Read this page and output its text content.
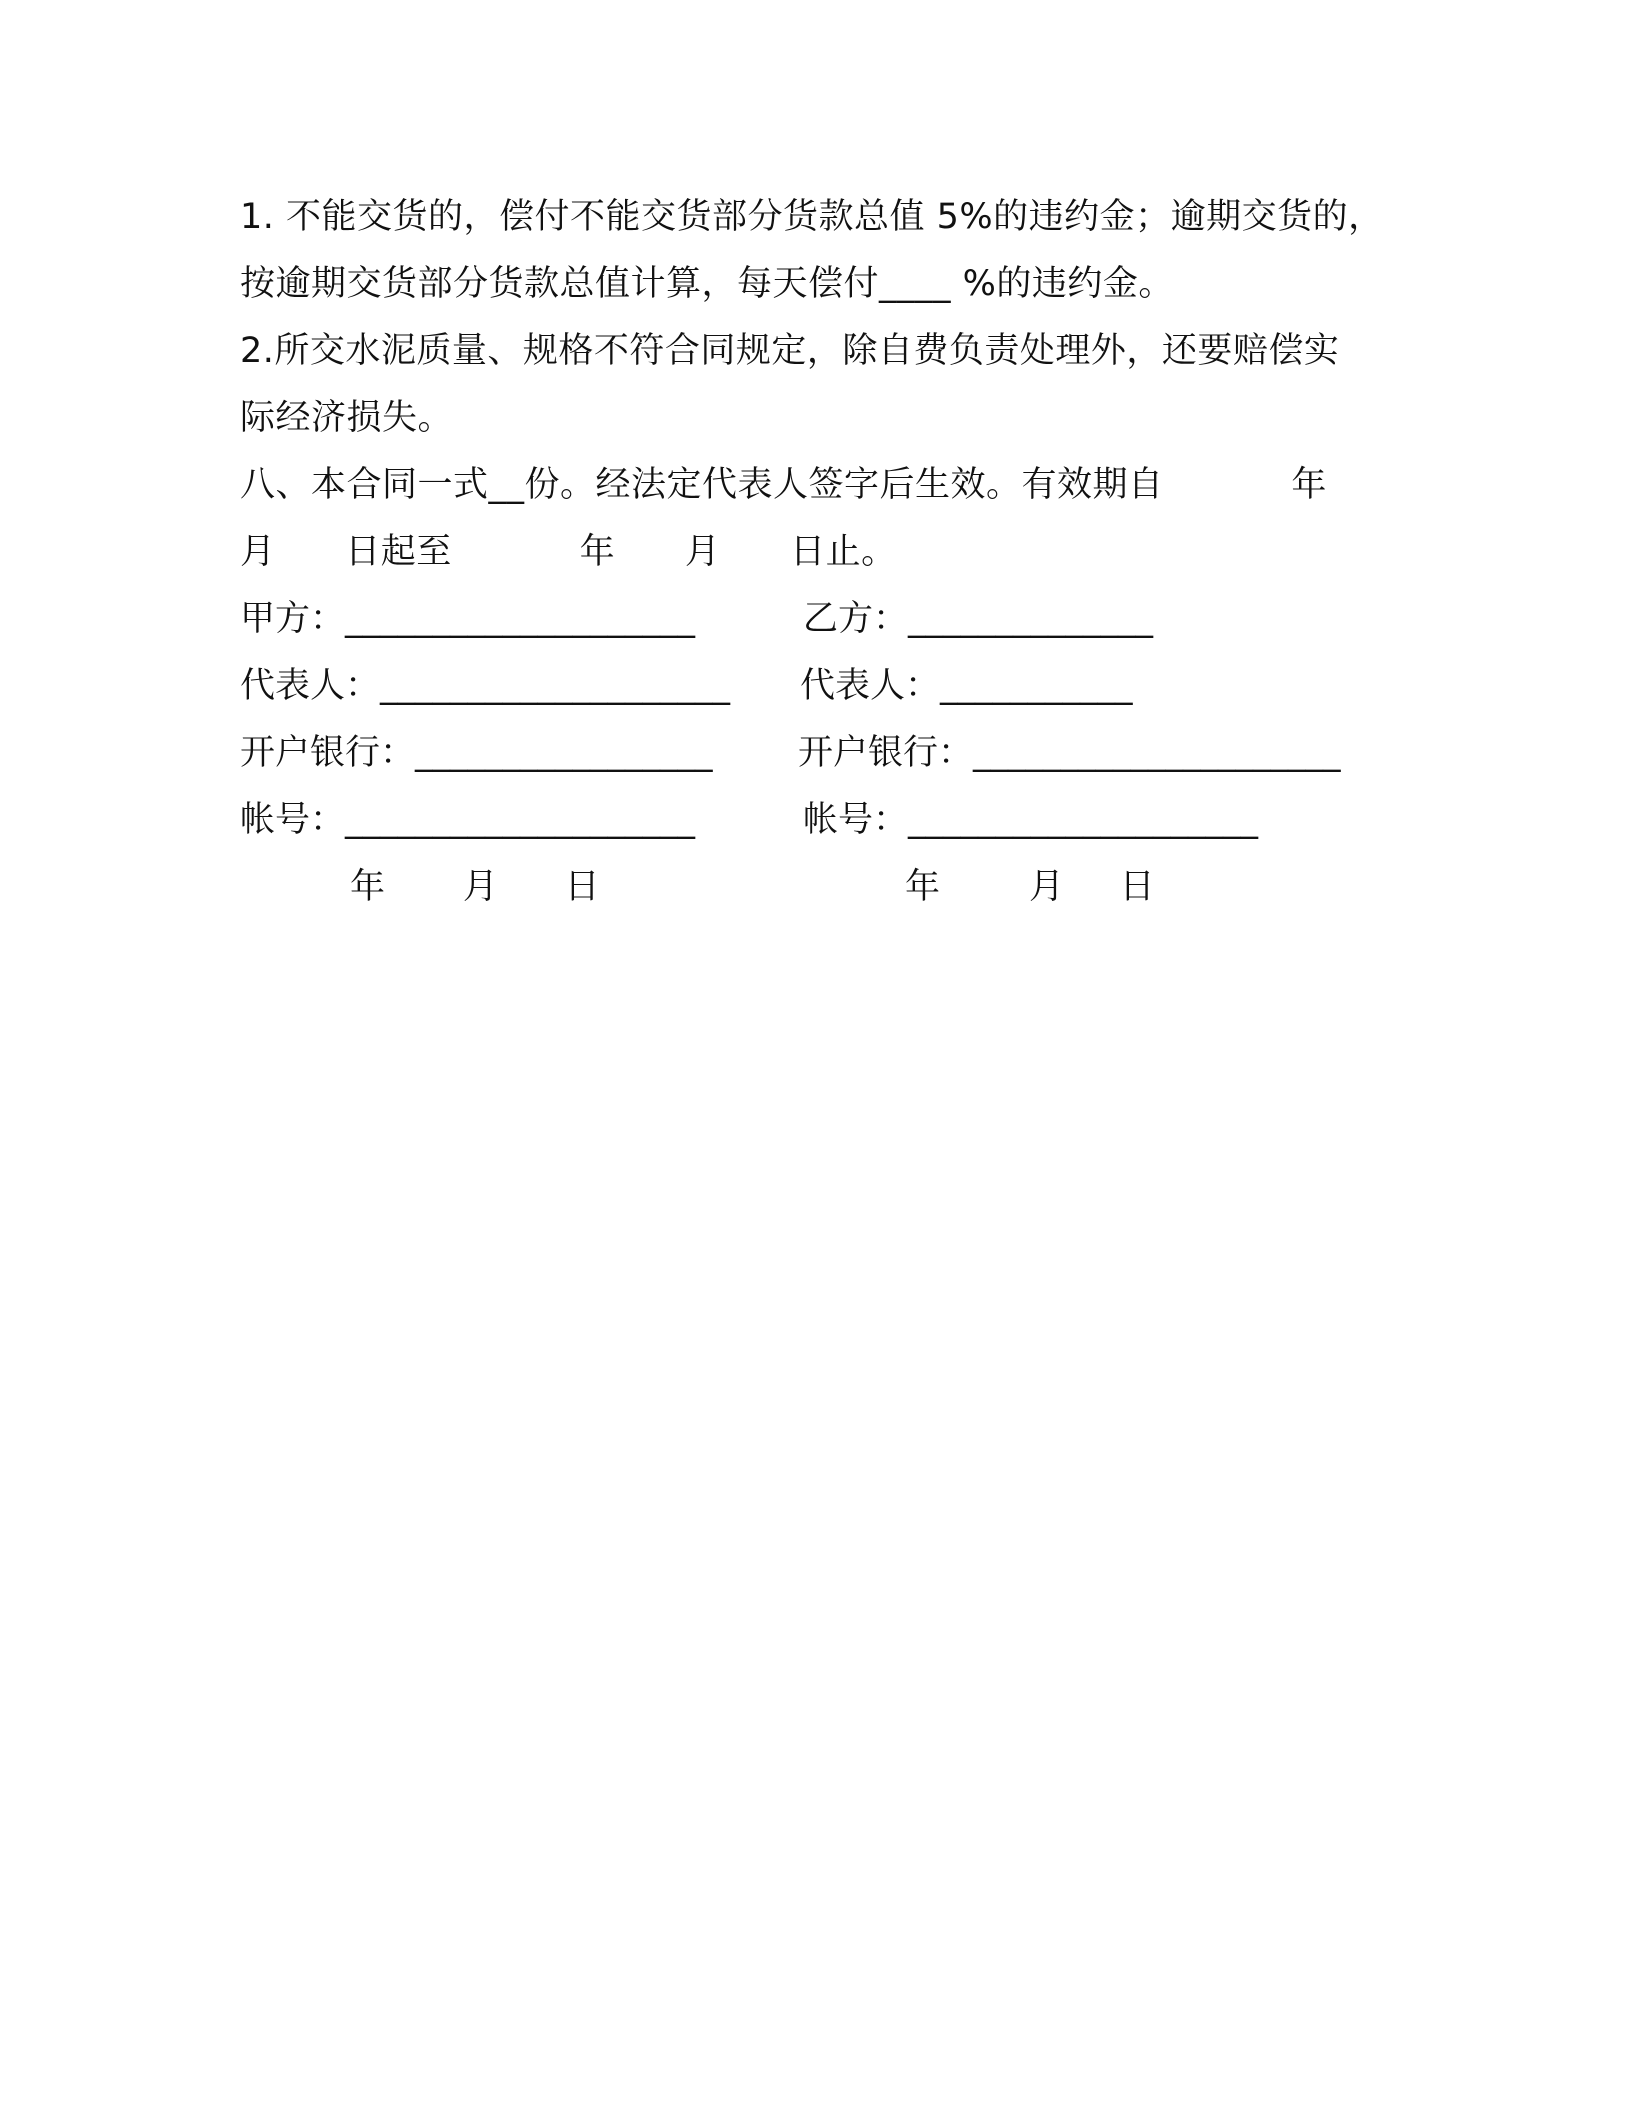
1. 不能交货的，偿付不能交货部分货款总值 5%的违约金；逾期交货的，
按逾期交货部分货款总值计算，每天偿付____ %的违约金。
2.所交水泥质量、规格不符合同规定，除自费负责处理外，还要赔偿实
际经济损失。
八、本合同一式__份。经法定代表人签字后生效。有效期自           年
月      日起至           年      月      日止。
甲方：____________________	乙方：______________
代表人：____________________ 代表人：___________
开户银行：_________________ 开户银行：_____________________
帐号：____________________	帐号：____________________
年       月      日	年        月     日
